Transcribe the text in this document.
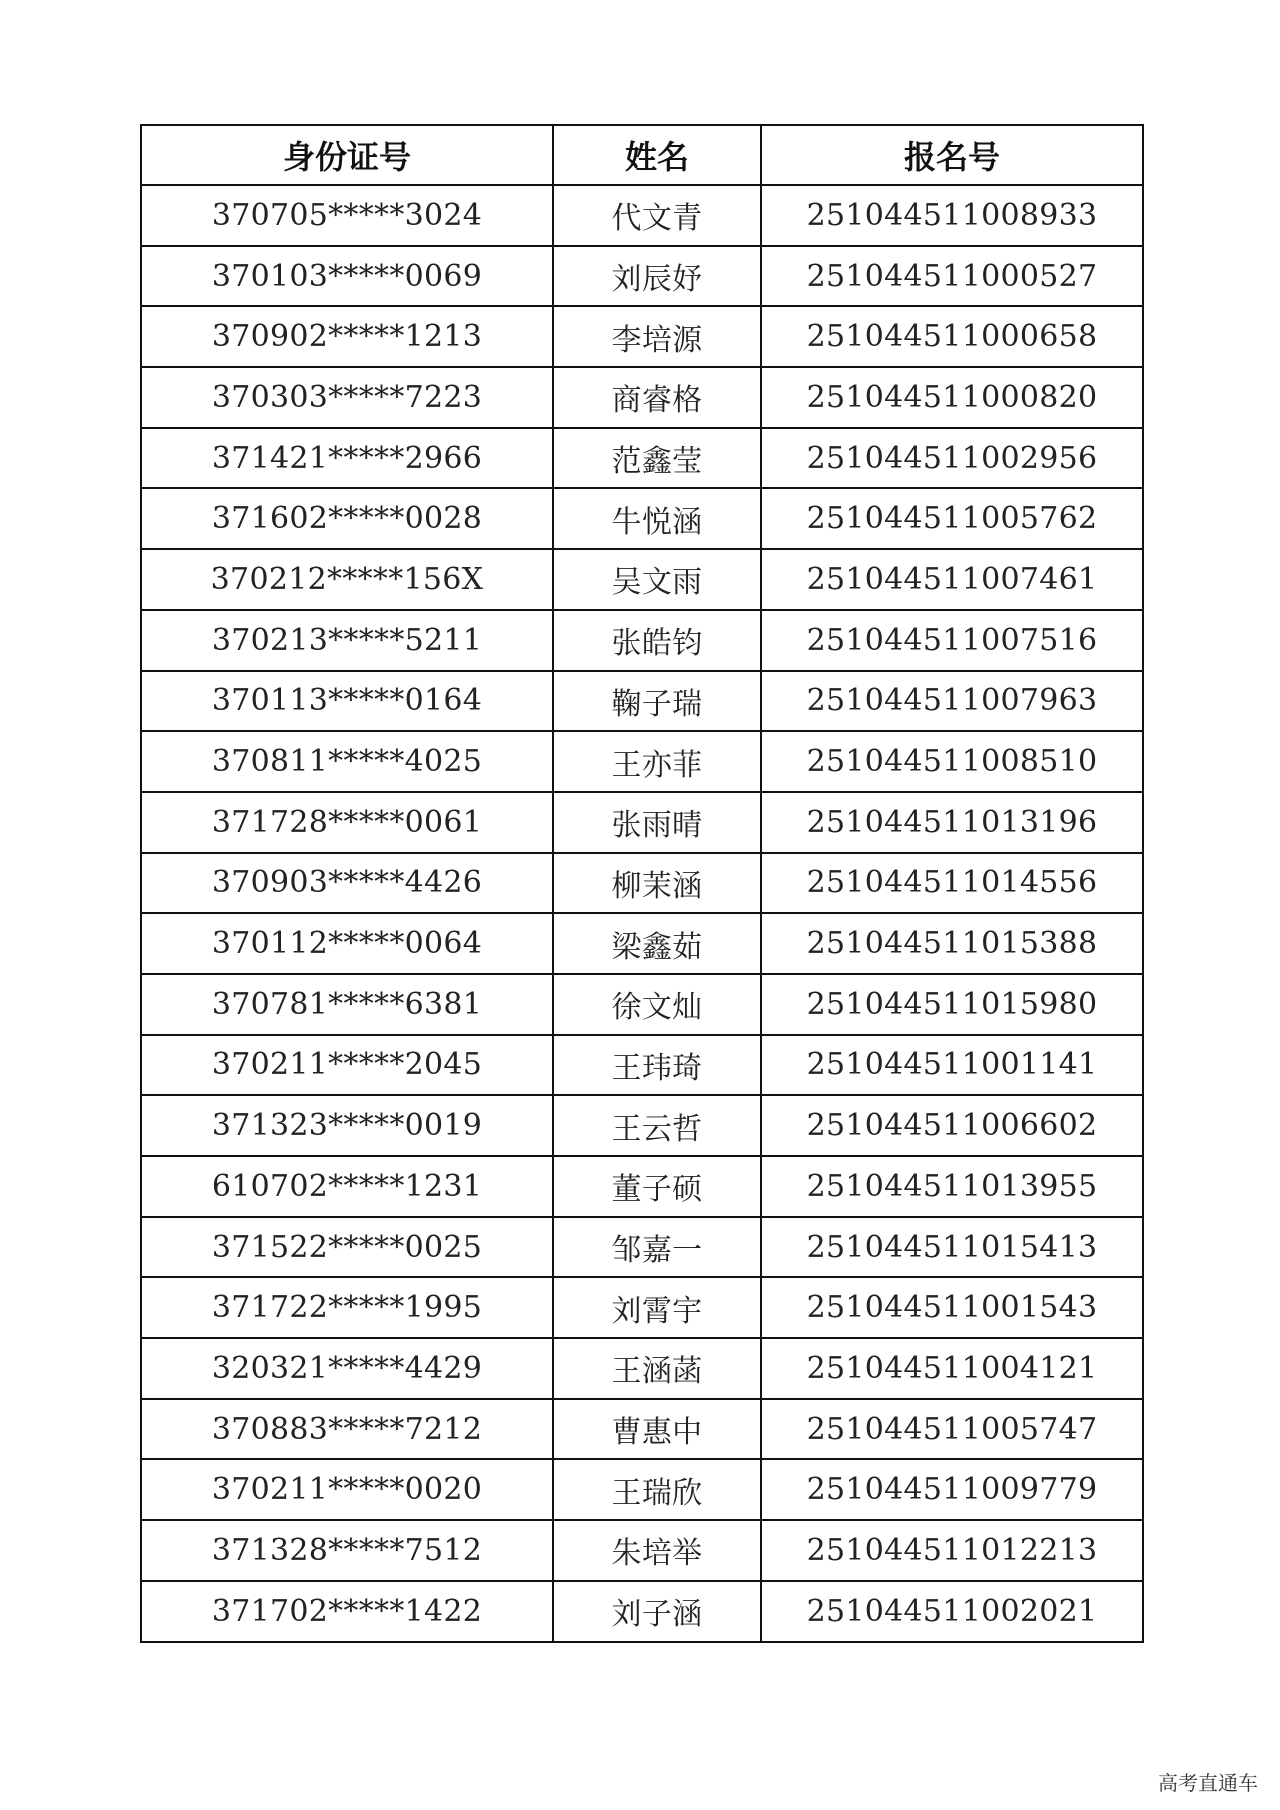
身份证号	姓名	报名号
370705*****3024	代文青	251044511008933
370103*****0069	刘辰妤	251044511000527
370902*****1213	李培源	251044511000658
370303*****7223	商睿格	251044511000820
371421*****2966	范鑫莹	251044511002956
371602*****0028	牛悦涵	251044511005762
370212*****156X	吴文雨	251044511007461
370213*****5211	张皓钧	251044511007516
370113*****0164	鞠子瑞	251044511007963
370811*****4025	王亦菲	251044511008510
371728*****0061	张雨晴	251044511013196
370903*****4426	柳茉涵	251044511014556
370112*****0064	梁鑫茹	251044511015388
370781*****6381	徐文灿	251044511015980
370211*****2045	王玮琦	251044511001141
371323*****0019	王云哲	251044511006602
610702*****1231	董子硕	251044511013955
371522*****0025	邹嘉一	251044511015413
371722*****1995	刘霄宇	251044511001543
320321*****4429	王涵菡	251044511004121
370883*****7212	曹惠中	251044511005747
370211*****0020	王瑞欣	251044511009779
371328*****7512	朱培举	251044511012213
371702*****1422	刘子涵	251044511002021
高考直通车
